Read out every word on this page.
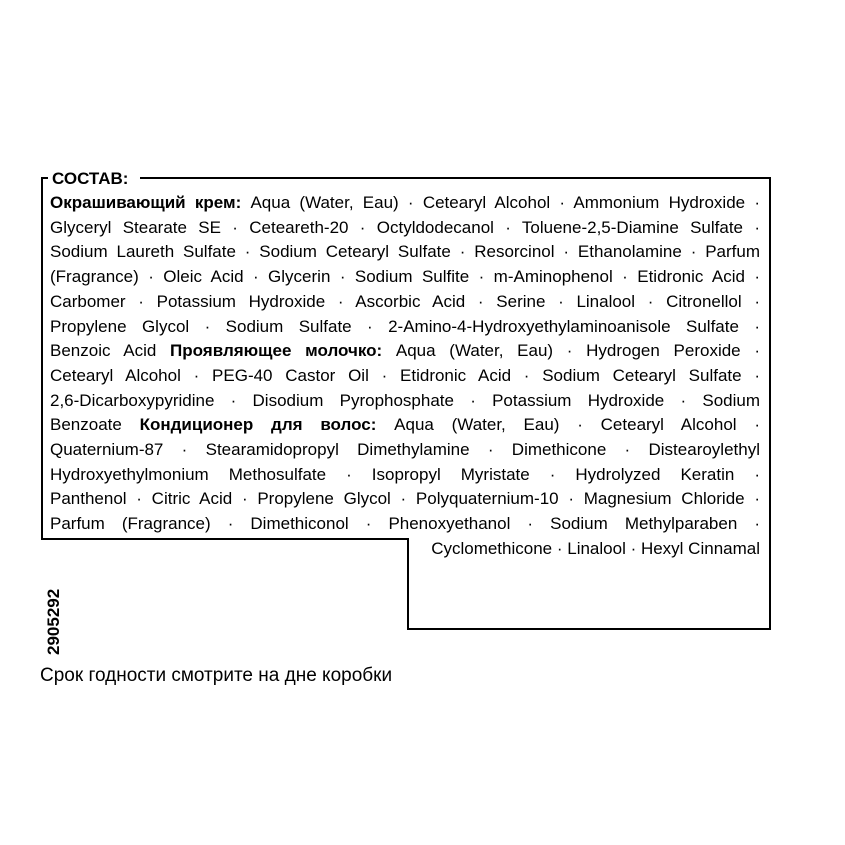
СОСТАВ:
Окрашивающий крем: Aqua (Water, Eau) · Cetearyl Alcohol · Ammonium Hydroxide ·
Glyceryl Stearate SE · Ceteareth-20 · Octyldodecanol · Toluene-2,5-Diamine Sulfate ·
Sodium Laureth Sulfate · Sodium Cetearyl Sulfate · Resorcinol · Ethanolamine · Parfum
(Fragrance) · Oleic Acid · Glycerin · Sodium Sulfite · m-Aminophenol · Etidronic Acid ·
Carbomer · Potassium Hydroxide · Ascorbic Acid · Serine · Linalool · Citronellol ·
Propylene Glycol · Sodium Sulfate · 2-Amino-4-Hydroxyethylaminoanisole Sulfate ·
Benzoic Acid Проявляющее молочко: Aqua (Water, Eau) · Hydrogen Peroxide ·
Cetearyl Alcohol · PEG-40 Castor Oil · Etidronic Acid · Sodium Cetearyl Sulfate ·
2,6-Dicarboxypyridine · Disodium Pyrophosphate · Potassium Hydroxide · Sodium
Benzoate Кондиционер для волос: Aqua (Water, Eau) · Cetearyl Alcohol ·
Quaternium-87 · Stearamidopropyl Dimethylamine · Dimethicone · Distearoylethyl
Hydroxyethylmonium Methosulfate · Isopropyl Myristate · Hydrolyzed Keratin ·
Panthenol · Citric Acid · Propylene Glycol · Polyquaternium-10 · Magnesium Chloride ·
Parfum (Fragrance) · Dimethiconol · Phenoxyethanol · Sodium Methylparaben ·
Cyclomethicone · Linalool · Hexyl Cinnamal
2905292
Срок годности смотрите на дне коробки
